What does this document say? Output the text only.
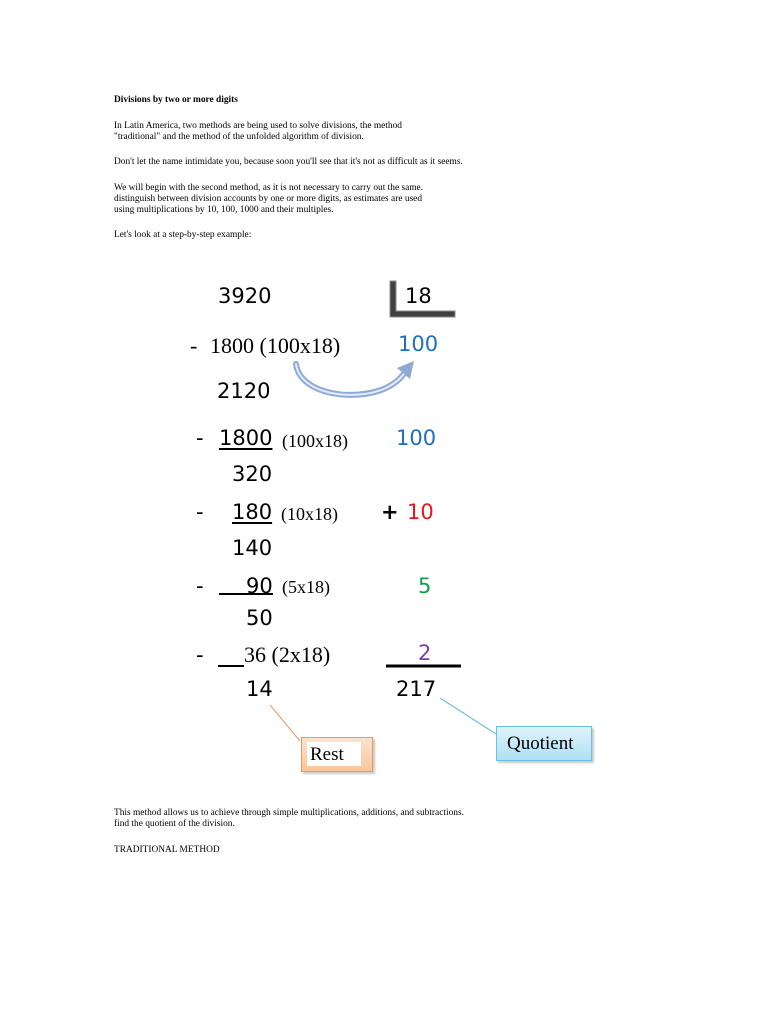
Divisions by two or more digits

In Latin America, two methods are being used to solve divisions, the method
"traditional" and the method of the unfolded algorithm of division.

Don't let the name intimidate you, because soon you'll see that it's not as difficult as it seems.

We will begin with the second method, as it is not necessary to carry out the same.
distinguish between division accounts by one or more digits, as estimates are used
using multiplications by 10, 100, 1000 and their multiples.

Let's look at a step-by-step example:

3920	18
- 1800 (100x18)	100
2120
- 1800 (100x18) 100
320
- 180 (10x18) + 10
140
- 90 (5x18)	5
50
- 36 (2x18)	2
14	217
Rest
Quotient

This method allows us to achieve through simple multiplications, additions, and subtractions.
find the quotient of the division.

TRADITIONAL METHOD
